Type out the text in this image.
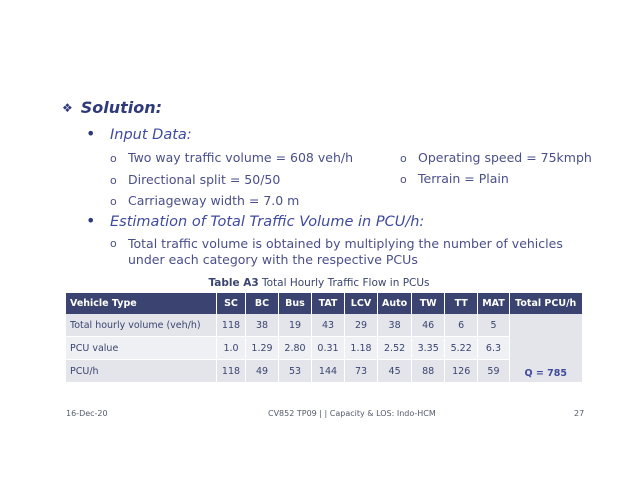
❖ Solution:
•	Input Data:
o Two way traffic volume = 608 veh/h
o Directional split = 50/50
o Carriageway width = 7.0 m
o Operating speed = 75kmph
o Terrain = Plain
•	Estimation of Total Traffic Volume in PCU/h:
o Total traffic volume is obtained by multiplying the number of vehicles under each category with the respective PCUs
Table A3 Total Hourly Traffic Flow in PCUs
Vehicle Type	SC	BC	Bus	TAT	LCV	Auto	TW	TT	MAT	Total PCU/h
Total hourly volume (veh/h)	118	38	19	43	29	38	46	6	5	Q = 785
PCU value	1.0	1.29	2.80	0.31	1.18	2.52	3.35	5.22	6.3	
PCU/h	118	49	53	144	73	45	88	126	59	
16-Dec-20	CV852 TP09 | | Capacity & LOS: Indo-HCM	27
